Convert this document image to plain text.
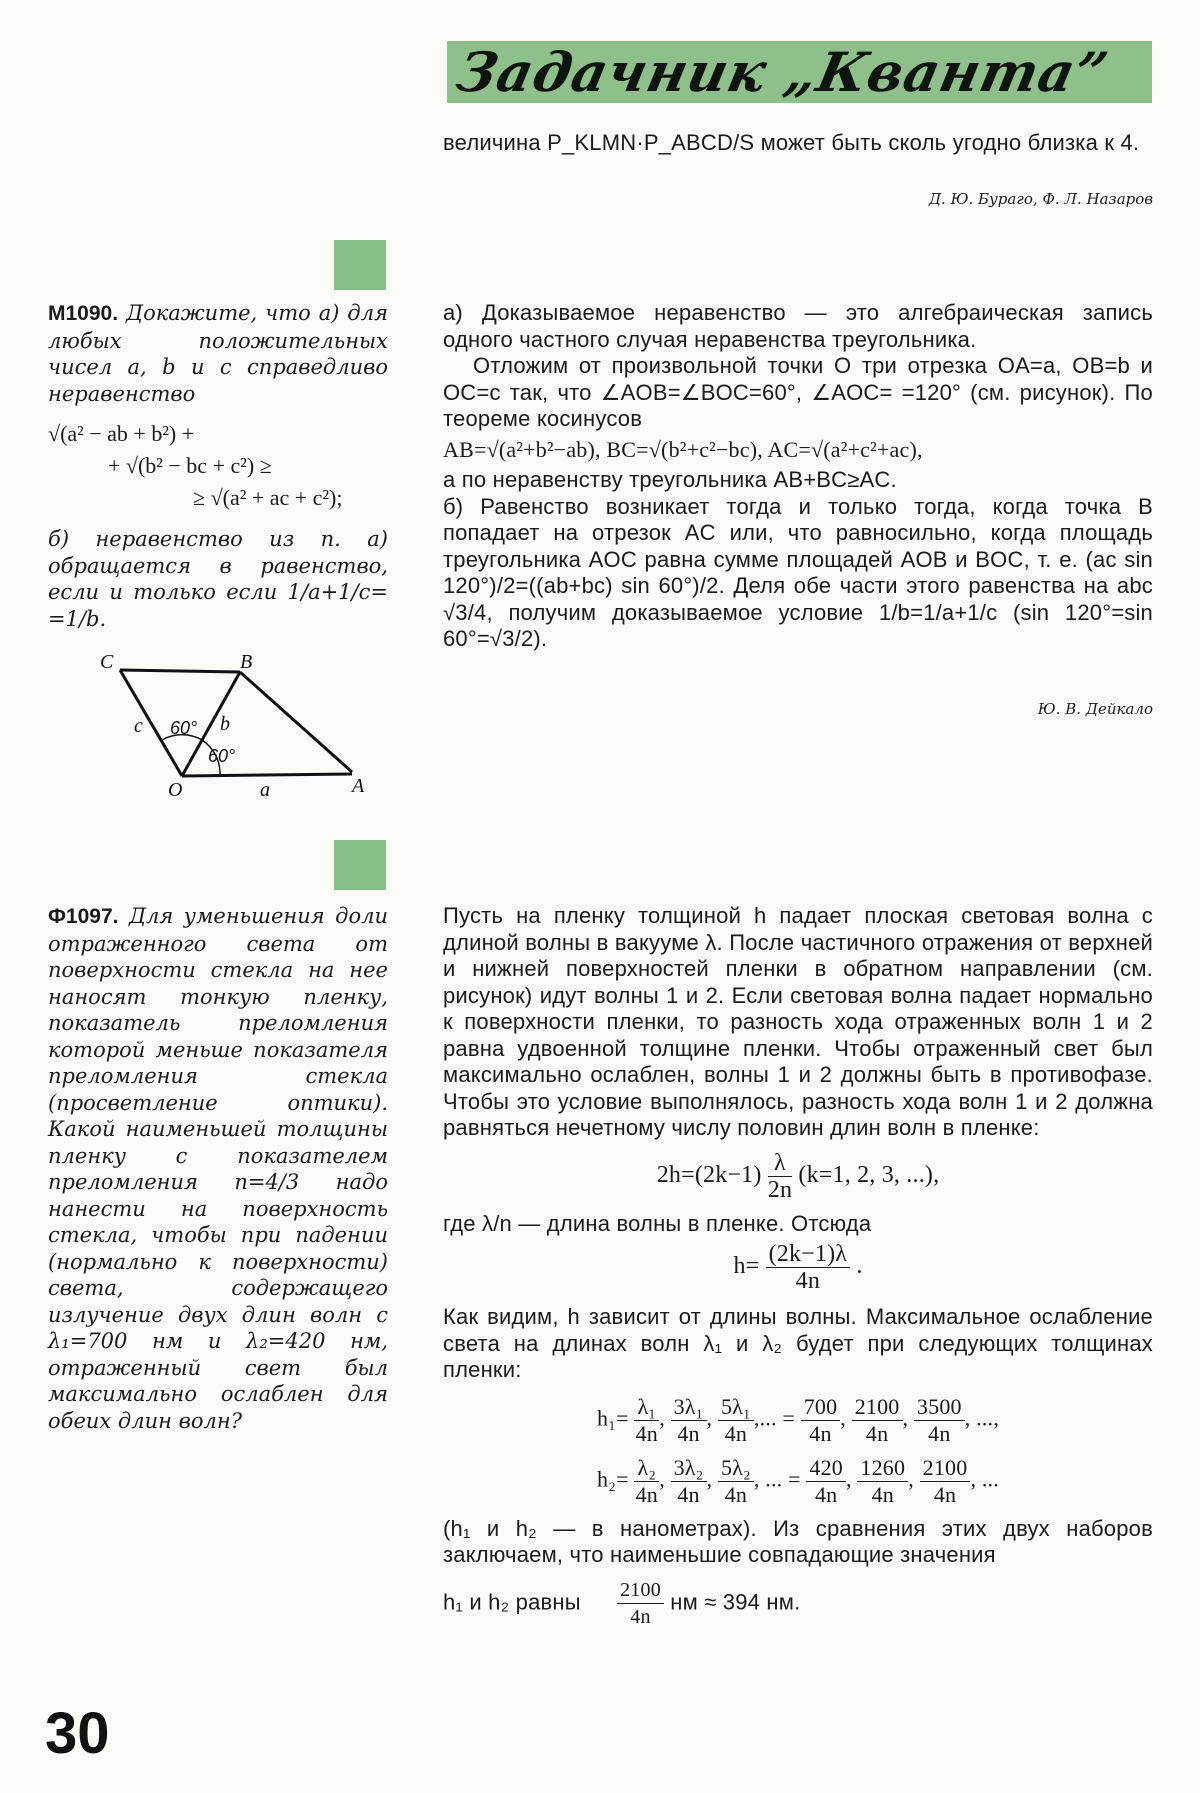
Задачник „Кванта”
величина P_KLMN·P_ABCD/S может быть сколь угодно близка к 4.
Д. Ю. Бураго, Ф. Л. Назаров
М1090. Докажите, что а) для любых положительных чисел a, b и c справедливо неравенство
√(a² − ab + b²) +
+ √(b² − bc + c²) ≥
≥ √(a² + ac + c²);
б) неравенство из п. а) обращается в равенство, если и только если 1/a+1/c= =1/b.
C	B
O	A
c	b
a
60°
60°
а) Доказываемое неравенство — это алгебраическая запись одного частного случая неравенства треугольника.
Отложим от произвольной точки O три отрезка OA=a, OB=b и OC=c так, что ∠AOB=∠BOC=60°, ∠AOC= =120° (см. рисунок). По теореме косинусов
AB=√(a²+b²−ab), BC=√(b²+c²−bc), AC=√(a²+c²+ac),
а по неравенству треугольника AB+BC≥AC.
б) Равенство возникает тогда и только тогда, когда точка B попадает на отрезок AC или, что равносильно, когда площадь треугольника AOC равна сумме площадей AOB и BOC, т. е. (ac sin 120°)/2=((ab+bc) sin 60°)/2. Деля обе части этого равенства на abc √3/4, получим доказываемое условие 1/b=1/a+1/c (sin 120°=sin 60°=√3/2).
Ю. В. Дейкало
Ф1097. Для уменьшения доли отраженного света от поверхности стекла на нее наносят тонкую пленку, показатель преломления которой меньше показателя преломления стекла (просветление оптики). Какой наименьшей толщины пленку с показателем преломления n=4/3 надо нанести на поверхность стекла, чтобы при падении (нормально к поверхности) света, содержащего излучение двух длин волн с λ₁=700 нм и λ₂=420 нм, отраженный свет был максимально ослаблен для обеих длин волн?
Пусть на пленку толщиной h падает плоская световая волна с длиной волны в вакууме λ. После частичного отражения от верхней и нижней поверхностей пленки в обратном направлении (см. рисунок) идут волны 1 и 2. Если световая волна падает нормально к поверхности пленки, то разность хода отраженных волн 1 и 2 равна удвоенной толщине пленки. Чтобы отраженный свет был максимально ослаблен, волны 1 и 2 должны быть в противофазе. Чтобы это условие выполнялось, разность хода волн 1 и 2 должна равняться нечетному числу половин длин волн в пленке:
$2h=(2k-1) \frac{\lambda}{2n} (k=1$, 2, 3, ...),
где λ/n — длина волны в пленке. Отсюда
$h= \frac{(2k-1)\lambda}{4n}$ .
Как видим, h зависит от длины волны. Максимальное ослабление света на длинах волн λ₁ и λ₂ будет при следующих толщинах пленки:
$h_1= \frac{\text{λ₁}}{4n}$ , $\frac{\text{3λ₁}}{4n}$ , $\frac{\text{5λ₁}}{4n}$ ,... = $\frac{700}{4n}$ , $\frac{2100}{4n}$ , $\frac{3500}{4n}$ , ...,
$h_2= \frac{\text{λ₂}}{4n}$ , $\frac{\text{3λ₂}}{4n}$ , $\frac{\text{5λ₂}}{4n}$ , ... = $\frac{420}{4n}$ , $\frac{1260}{4n}$ , $\frac{2100}{4n}$ , ...
(h₁ и h₂ — в нанометрах). Из сравнения этих двух наборов заключаем, что наименьшие совпадающие значения
h₁ и h₂ равны $\frac{2100}{4n}$ нм ≈ 394 нм.
30
